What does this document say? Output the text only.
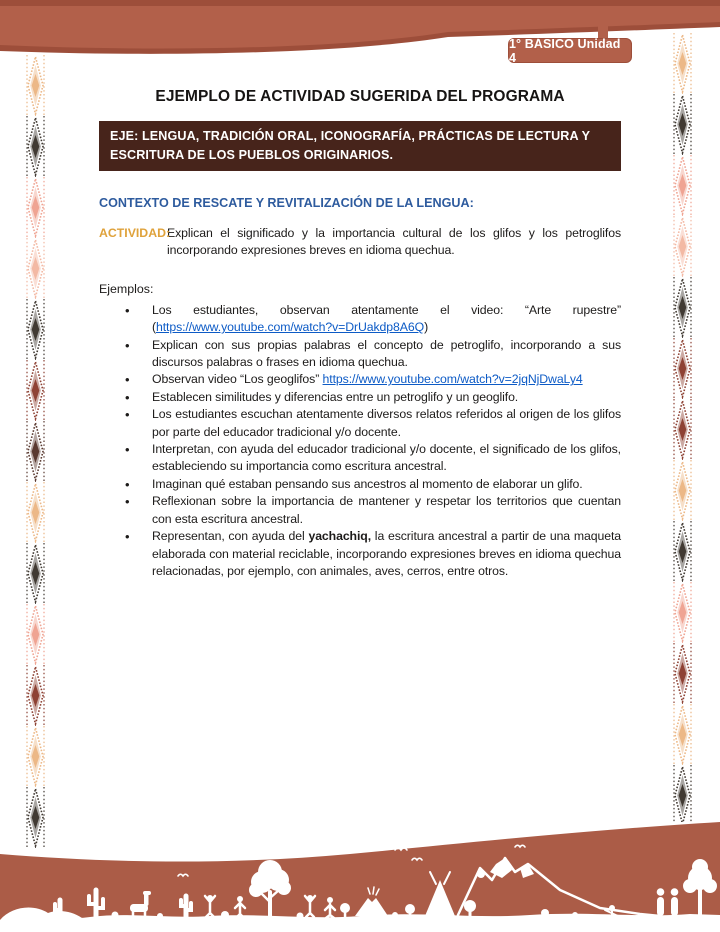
1° BÁSICO Unidad 4
EJEMPLO DE ACTIVIDAD SUGERIDA DEL PROGRAMA
EJE: LENGUA, TRADICIÓN ORAL, ICONOGRAFÍA, PRÁCTICAS DE LECTURA Y ESCRITURA DE LOS PUEBLOS ORIGINARIOS.
CONTEXTO DE RESCATE Y REVITALIZACIÓN DE LA LENGUA:
ACTIVIDAD:
Explican el significado y la importancia cultural de los glifos y los petroglifos incorporando expresiones breves en idioma quechua.
Ejemplos:
• Los estudiantes, observan atentamente el video: “Arte rupestre” (https://www.youtube.com/watch?v=DrUakdp8A6Q)
• Explican con sus propias palabras el concepto de petroglifo, incorporando a sus discursos palabras o frases en idioma quechua.
• Observan video “Los geoglifos” https://www.youtube.com/watch?v=2jqNjDwaLy4
• Establecen similitudes y diferencias entre un petroglifo y un geoglifo.
• Los estudiantes escuchan atentamente diversos relatos referidos al origen de los glifos por parte del educador tradicional y/o docente.
• Interpretan, con ayuda del educador tradicional y/o docente, el significado de los glifos, estableciendo su importancia como escritura ancestral.
• Imaginan qué estaban pensando sus ancestros al momento de elaborar un glifo.
• Reflexionan sobre la importancia de mantener y respetar los territorios que cuentan con esta escritura ancestral.
• Representan, con ayuda del yachachiq, la escritura ancestral a partir de una maqueta elaborada con material reciclable, incorporando expresiones breves en idioma quechua relacionadas, por ejemplo, con animales, aves, cerros, entre otros.
